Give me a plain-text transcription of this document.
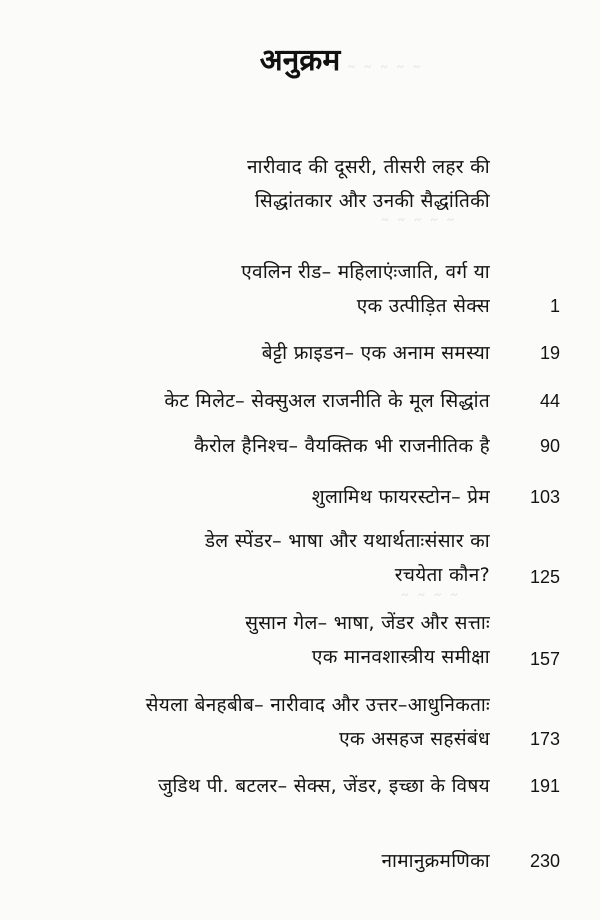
˜ ˜ ˜ ˜ ˜ ˜
˜ ˜ ˜ ˜ ˜
˜ ˜ ˜ ˜
अनुक्रम
नारीवाद की दूसरी, तीसरी लहर की
सिद्धांतकार और उनकी सैद्धांतिकी
एवलिन रीड– महिलाएंःजाति, वर्ग या
एक उत्पीड़ित सेक्स	1
बेट्टी फ्राइडन– एक अनाम समस्या	19
केट मिलेट– सेक्सुअल राजनीति के मूल सिद्धांत	44
कैरोल हैनिश्च– वैयक्तिक भी राजनीतिक है	90
शुलामिथ फायरस्टोन– प्रेम	103
डेल स्पेंडर– भाषा और यथार्थताःसंसार का
रचयेता कौन?	125
सुसान गेल– भाषा, जेंडर और सत्ताः
एक मानवशास्त्रीय समीक्षा	157
सेयला बेनहबीब– नारीवाद और उत्तर–आधुनिकताः
एक असहज सहसंबंध	173
जुडिथ पी. बटलर– सेक्स, जेंडर, इच्छा के विषय	191
नामानुक्रमणिका	230
